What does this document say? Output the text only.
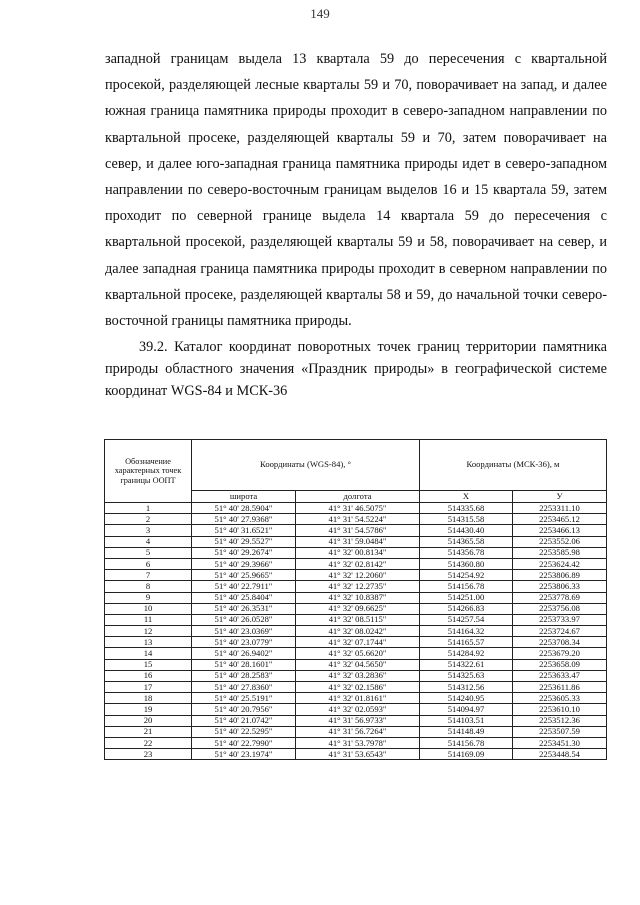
149

западной границам выдела 13 квартала 59 до пересечения с квартальной просекой, разделяющей лесные кварталы 59 и 70, поворачивает на запад, и далее южная граница памятника природы проходит в северо-западном направлении по квартальной просеке, разделяющей кварталы 59 и 70, затем поворачивает на север, и далее юго-западная граница памятника природы идет в северо-западном направлении по северо-восточным границам выделов 16 и 15 квартала 59, затем проходит по северной границе выдела 14 квартала 59 до пересечения с квартальной просекой, разделяющей кварталы 59 и 58, поворачивает на север, и далее западная граница памятника природы проходит в северном направлении по квартальной просеке, разделяющей кварталы 58 и 59, до начальной точки северо-восточной границы памятника природы.

39.2. Каталог координат поворотных точек границ территории памятника природы областного значения «Праздник природы» в географической системе координат WGS-84 и МСК-36

Обозначение характерных точек границы ООПТ	Координаты (WGS-84), °		Координаты (МСК-36), м	
	широта	долгота	X	У
1	51° 40' 28.5904"	41° 31' 46.5075"	514335.68	2253311.10
2	51° 40' 27.9368"	41° 31' 54.5224"	514315.58	2253465.12
3	51° 40' 31.6521"	41° 31' 54.5786"	514430.40	2253466.13
4	51° 40' 29.5527"	41° 31' 59.0484"	514365.58	2253552.06
5	51° 40' 29.2674"	41° 32' 00.8134"	514356.78	2253585.98
6	51° 40' 29.3966"	41° 32' 02.8142"	514360.80	2253624.42
7	51° 40' 25.9665"	41° 32' 12.2060"	514254.92	2253806.89
8	51° 40' 22.7911"	41° 32' 12.2735"	514156.78	2253806.33
9	51° 40' 25.8404"	41° 32' 10.8387"	514251.00	2253778.69
10	51° 40' 26.3531"	41° 32' 09.6625"	514266.83	2253756.08
11	51° 40' 26.0528"	41° 32' 08.5115"	514257.54	2253733.97
12	51° 40' 23.0369"	41° 32' 08.0242"	514164.32	2253724.67
13	51° 40' 23.0779"	41° 32' 07.1744"	514165.57	2253708.34
14	51° 40' 26.9402"	41° 32' 05.6620"	514284.92	2253679.20
15	51° 40' 28.1601"	41° 32' 04.5650"	514322.61	2253658.09
16	51° 40' 28.2583"	41° 32' 03.2836"	514325.63	2253633.47
17	51° 40' 27.8360"	41° 32' 02.1586"	514312.56	2253611.86
18	51° 40' 25.5191"	41° 32' 01.8161"	514240.95	2253605.33
19	51° 40' 20.7956"	41° 32' 02.0593"	514094.97	2253610.10
20	51° 40' 21.0742"	41° 31' 56.9733"	514103.51	2253512.36
21	51° 40' 22.5295"	41° 31' 56.7264"	514148.49	2253507.59
22	51° 40' 22.7990"	41° 31' 53.7978"	514156.78	2253451.30
23	51° 40' 23.1974"	41° 31' 53.6543"	514169.09	2253448.54
